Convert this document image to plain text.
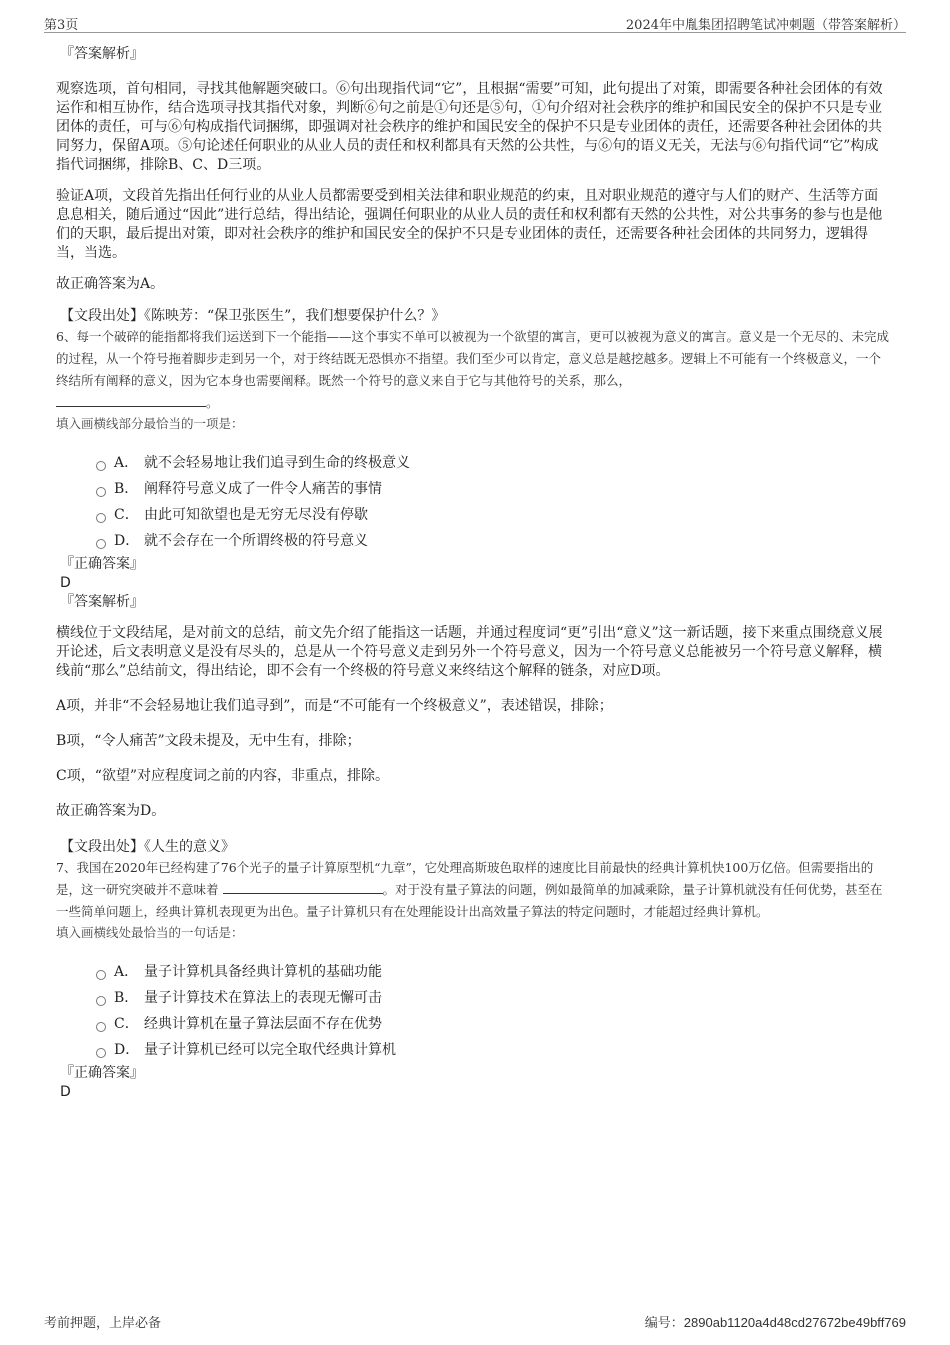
第3页	2024年中胤集团招聘笔试冲刺题（带答案解析）
『答案解析』

观察选项，首句相同，寻找其他解题突破口。⑥句出现指代词“它”，且根据“需要”可知，此句提出了对策，即需要各种社会团体的有效运作和相互协作，结合选项寻找其指代对象，判断⑥句之前是①句还是⑤句，①句介绍对社会秩序的维护和国民安全的保护不只是专业团体的责任，可与⑥句构成指代词捆绑，即强调对社会秩序的维护和国民安全的保护不只是专业团体的责任，还需要各种社会团体的共同努力，保留A项。⑤句论述任何职业的从业人员的责任和权利都具有天然的公共性，与⑥句的语义无关，无法与⑥句指代词“它”构成指代词捆绑，排除B、C、D三项。

验证A项，文段首先指出任何行业的从业人员都需要受到相关法律和职业规范的约束，且对职业规范的遵守与人们的财产、生活等方面息息相关，随后通过“因此”进行总结，得出结论，强调任何职业的从业人员的责任和权利都有天然的公共性，对公共事务的参与也是他们的天职，最后提出对策，即对社会秩序的维护和国民安全的保护不只是专业团体的责任，还需要各种社会团体的共同努力，逻辑得当，当选。

故正确答案为A。

【文段出处】《陈映芳：“保卫张医生”，我们想要保护什么？》

6、每一个破碎的能指都将我们运送到下一个能指——这个事实不单可以被视为一个欲望的寓言，更可以被视为意义的寓言。意义是一个无尽的、未完成的过程，从一个符号拖着脚步走到另一个，对于终结既无恐惧亦不指望。我们至少可以肯定，意义总是越挖越多。逻辑上不可能有一个终极意义，一个终结所有阐释的意义，因为它本身也需要阐释。既然一个符号的意义来自于它与其他符号的关系，那么，
。

填入画横线部分最恰当的一项是：

A． 就不会轻易地让我们追寻到生命的终极意义
B． 阐释符号意义成了一件令人痛苦的事情
C． 由此可知欲望也是无穷无尽没有停歇
D． 就不会存在一个所谓终极的符号意义
『正确答案』
D
『答案解析』

横线位于文段结尾，是对前文的总结，前文先介绍了能指这一话题，并通过程度词“更”引出“意义”这一新话题，接下来重点围绕意义展开论述，后文表明意义是没有尽头的，总是从一个符号意义走到另外一个符号意义，因为一个符号意义总能被另一个符号意义解释，横线前“那么”总结前文，得出结论，即不会有一个终极的符号意义来终结这个解释的链条，对应D项。

A项，并非“不会轻易地让我们追寻到”，而是“不可能有一个终极意义”，表述错误，排除；

B项，“令人痛苦”文段未提及，无中生有，排除；

C项，“欲望”对应程度词之前的内容，非重点，排除。

故正确答案为D。

【文段出处】《人生的意义》

7、我国在2020年已经构建了76个光子的量子计算原型机“九章”，它处理高斯玻色取样的速度比目前最快的经典计算机快100万亿倍。但需要指出的是，这一研究突破并不意味着	。对于没有量子算法的问题，例如最简单的加减乘除，量子计算机就没有任何优势，甚至在一些简单问题上，经典计算机表现更为出色。量子计算机只有在处理能设计出高效量子算法的特定问题时，才能超过经典计算机。

填入画横线处最恰当的一句话是：

A． 量子计算机具备经典计算机的基础功能
B． 量子计算技术在算法上的表现无懈可击
C． 经典计算机在量子算法层面不存在优势
D． 量子计算机已经可以完全取代经典计算机
『正确答案』
D
考前押题，上岸必备	编号：2890ab1120a4d48cd27672be49bff769
